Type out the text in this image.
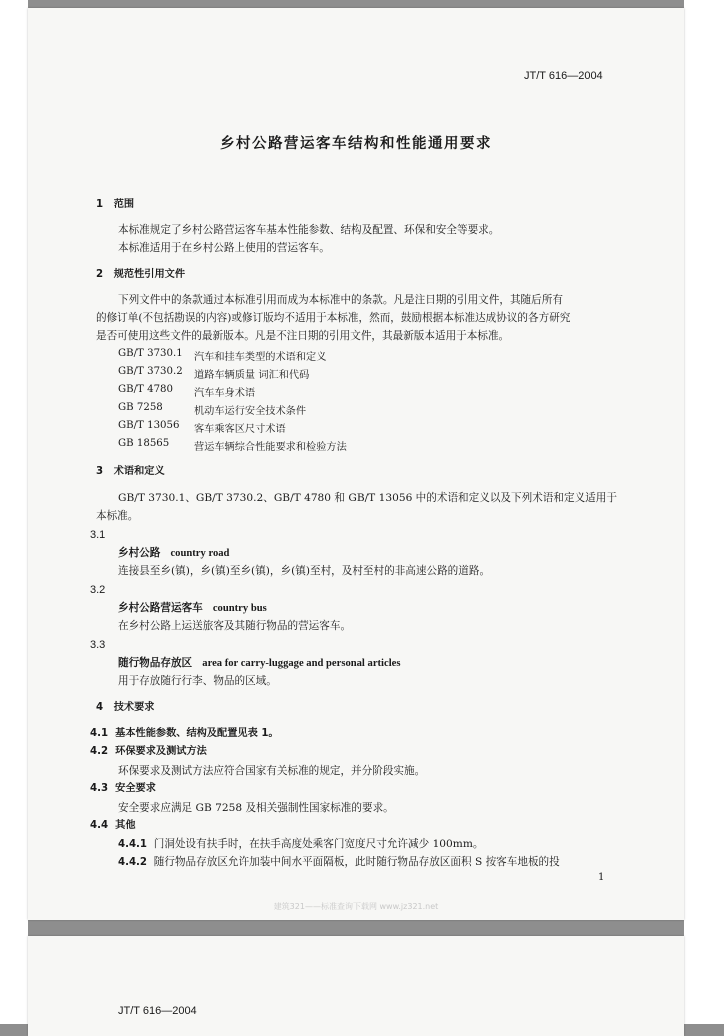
JT/T 616—2004
乡村公路营运客车结构和性能通用要求
1 范围
本标准规定了乡村公路营运客车基本性能参数、结构及配置、环保和安全等要求。
本标准适用于在乡村公路上使用的营运客车。
2 规范性引用文件
下列文件中的条款通过本标准引用而成为本标准中的条款。凡是注日期的引用文件，其随后所有
的修订单(不包括勘误的内容)或修订版均不适用于本标准，然而，鼓励根据本标准达成协议的各方研究
是否可使用这些文件的最新版本。凡是不注日期的引用文件，其最新版本适用于本标准。
GB/T 3730.1 汽车和挂车类型的术语和定义
GB/T 3730.2 道路车辆质量 词汇和代码
GB/T 4780 汽车车身术语
GB 7258	机动车运行安全技术条件
GB/T 13056 客车乘客区尺寸术语
GB 18565 营运车辆综合性能要求和检验方法
3 术语和定义
GB/T 3730.1、GB/T 3730.2、GB/T 4780 和 GB/T 13056 中的术语和定义以及下列术语和定义适用于
本标准。
3.1
乡村公路 country road
连接县至乡(镇)，乡(镇)至乡(镇)，乡(镇)至村，及村至村的非高速公路的道路。
3.2
乡村公路营运客车 country bus
在乡村公路上运送旅客及其随行物品的营运客车。
3.3
随行物品存放区 area for carry-luggage and personal articles
用于存放随行行李、物品的区域。
4 技术要求
4.1 基本性能参数、结构及配置见表 1。
4.2 环保要求及测试方法
环保要求及测试方法应符合国家有关标准的规定，并分阶段实施。
4.3 安全要求
安全要求应满足 GB 7258 及相关强制性国家标准的要求。
4.4 其他
4.4.1 门洞处设有扶手时，在扶手高度处乘客门宽度尺寸允许减少 100mm。
4.4.2 随行物品存放区允许加装中间水平面隔板，此时随行物品存放区面积 S 按客车地板的投
1
建筑321——标准查询下载网 www.jz321.net
JT/T 616—2004
